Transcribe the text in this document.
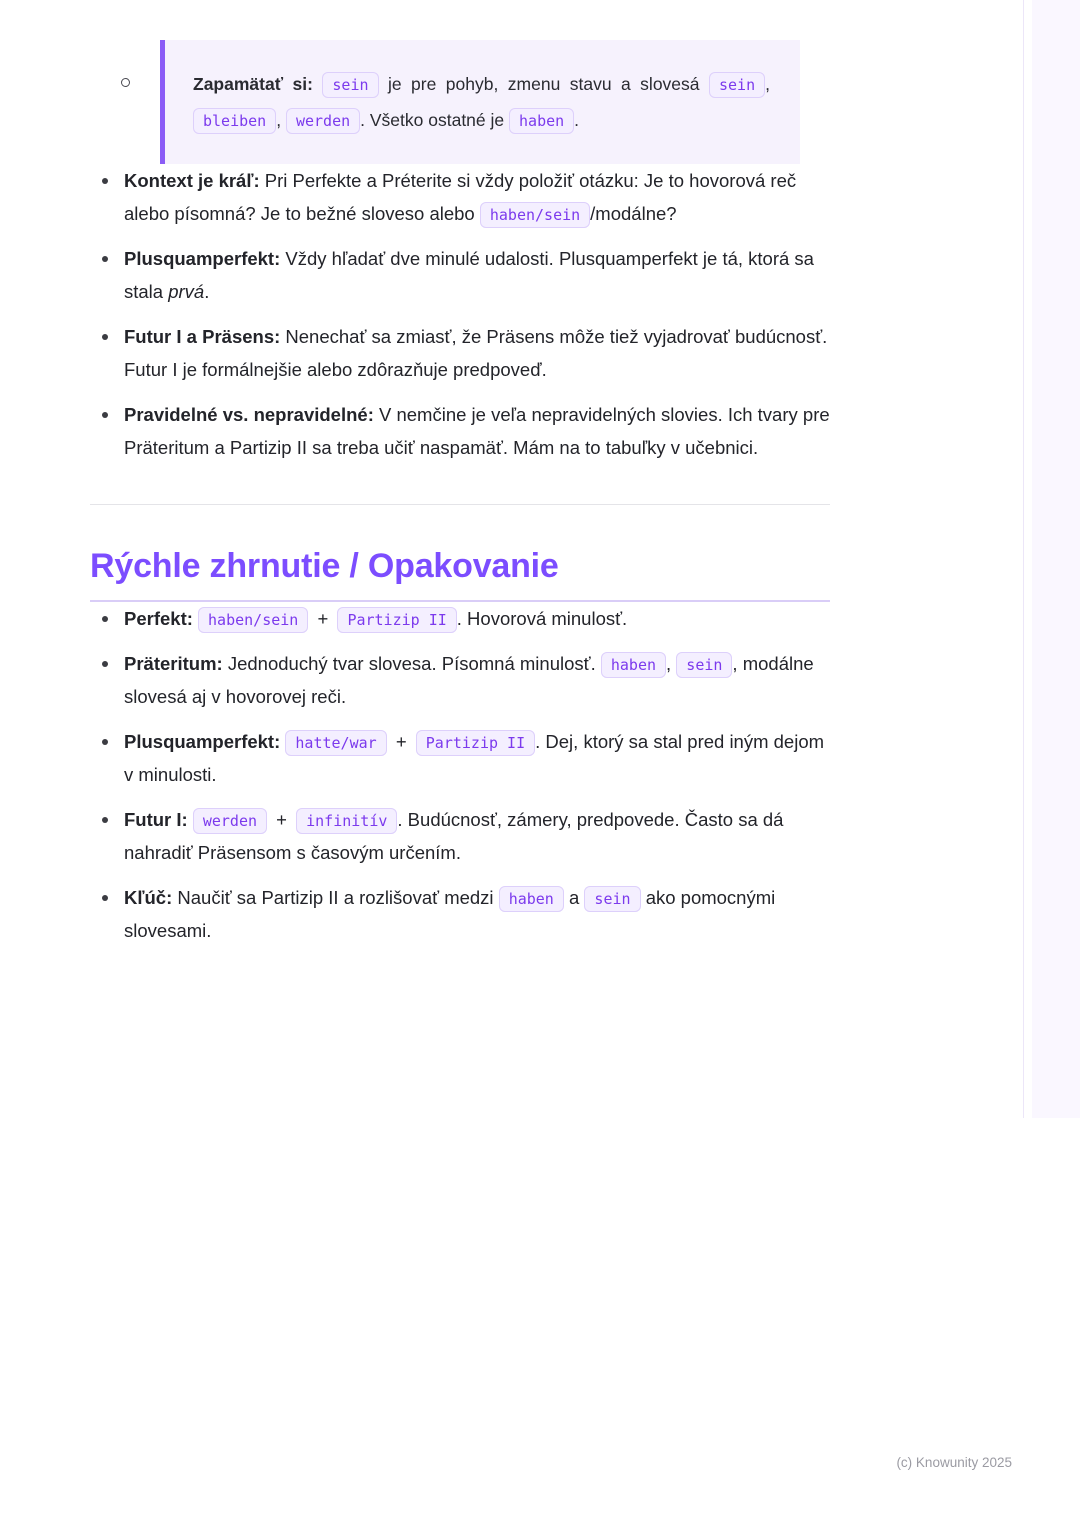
Zapamätať si: sein je pre pohyb, zmenu stavu a slovesá sein , bleiben , werden . Všetko ostatné je haben .
Kontext je kráľ: Pri Perfekte a Préterite si vždy položiť otázku: Je to hovorová reč alebo písomná? Je to bežné sloveso alebo haben/sein /modálne?
Plusquamperfekt: Vždy hľadať dve minulé udalosti. Plusquamperfekt je tá, ktorá sa stala prvá.
Futur I a Präsens: Nenechať sa zmiasť, že Präsens môže tiež vyjadrovať budúcnosť. Futur I je formálnejšie alebo zdôrazňuje predpoveď.
Pravidelné vs. nepravidelné: V nemčine je veľa nepravidelných slovies. Ich tvary pre Präteritum a Partizip II sa treba učiť naspamäť. Mám na to tabuľky v učebnici.
Rýchle zhrnutie / Opakovanie
Perfekt: haben/sein + Partizip II . Hovorová minulosť.
Präteritum: Jednoduchý tvar slovesa. Písomná minulosť. haben , sein , modálne slovesá aj v hovorovej reči.
Plusquamperfekt: hatte/war + Partizip II . Dej, ktorý sa stal pred iným dejom v minulosti.
Futur I: werden + infinitív . Budúcnosť, zámery, predpovede. Často sa dá nahradiť Präsensom s časovým určením.
Kľúč: Naučiť sa Partizip II a rozlišovať medzi haben a sein ako pomocnými slovesami.
(c) Knowunity 2025
